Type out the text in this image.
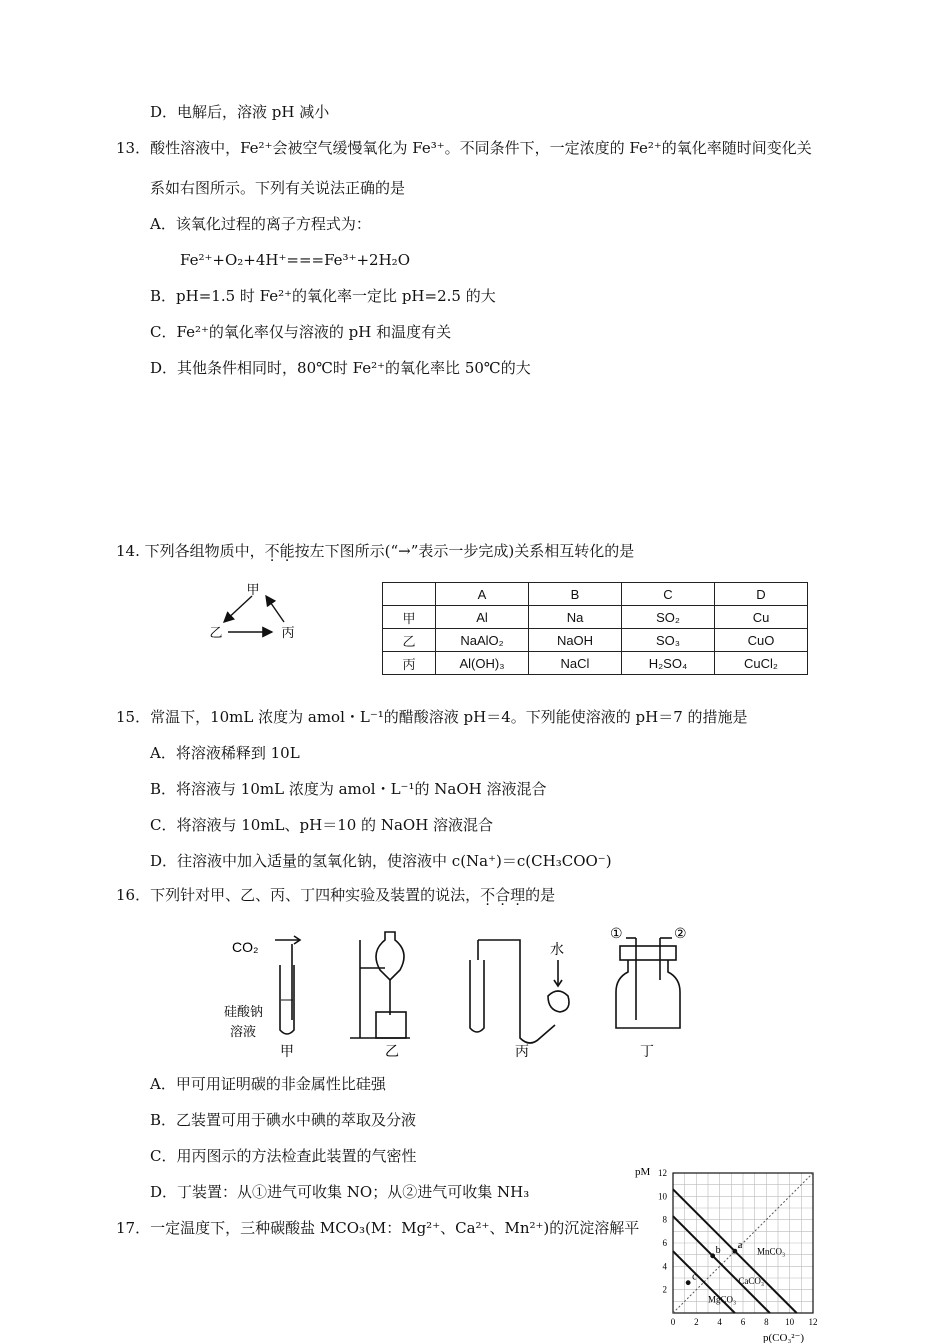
D．电解后，溶液 pH 减小
13．酸性溶液中，Fe²⁺会被空气缓慢氧化为 Fe³⁺。不同条件下，一定浓度的 Fe²⁺的氧化率随时间变化关
系如右图所示。下列有关说法正确的是
A．该氧化过程的离子方程式为：
Fe²⁺+O₂+4H⁺===Fe³⁺+2H₂O
B．pH=1.5 时 Fe²⁺的氧化率一定比 pH=2.5 的大
C．Fe²⁺的氧化率仅与溶液的 pH 和温度有关
D．其他条件相同时，80℃时 Fe²⁺的氧化率比 50℃的大
14. 下列各组物质中，不能按左下图所示(“→”表示一步完成)关系相互转化的是
甲
乙	丙
	A	B	C	D
甲	Al	Na	SO₂	Cu
乙	NaAlO₂	NaOH	SO₃	CuO
丙	Al(OH)₃	NaCl	H₂SO₄	CuCl₂
15．常温下，10mL 浓度为 amol・L⁻¹的醋酸溶液 pH＝4。下列能使溶液的 pH＝7 的措施是
A．将溶液稀释到 10L
B．将溶液与 10mL 浓度为 amol・L⁻¹的 NaOH 溶液混合
C．将溶液与 10mL、pH＝10 的 NaOH 溶液混合
D．往溶液中加入适量的氢氧化钠，使溶液中 c(Na⁺)＝c(CH₃COO⁻)
16．下列针对甲、乙、丙、丁四种实验及装置的说法，不合理的是
CO₂
硅酸钠
溶液
甲	乙	丙	丁
水
①	②
A．甲可用证明碳的非金属性比硅强
B．乙装置可用于碘水中碘的萃取及分液
C．用丙图示的方法检查此装置的气密性
D．丁装置：从①进气可收集 NO；从②进气可收集 NH₃
17．一定温度下，三种碳酸盐 MCO₃(M：Mg²⁺、Ca²⁺、Mn²⁺)的沉淀溶解平
MnCO₃
CaCO₃
MgCO₃
a
b
c
0 2 4 6 8 10 12
2
4
6
8
10
12
pM
p(CO₃²⁻)
